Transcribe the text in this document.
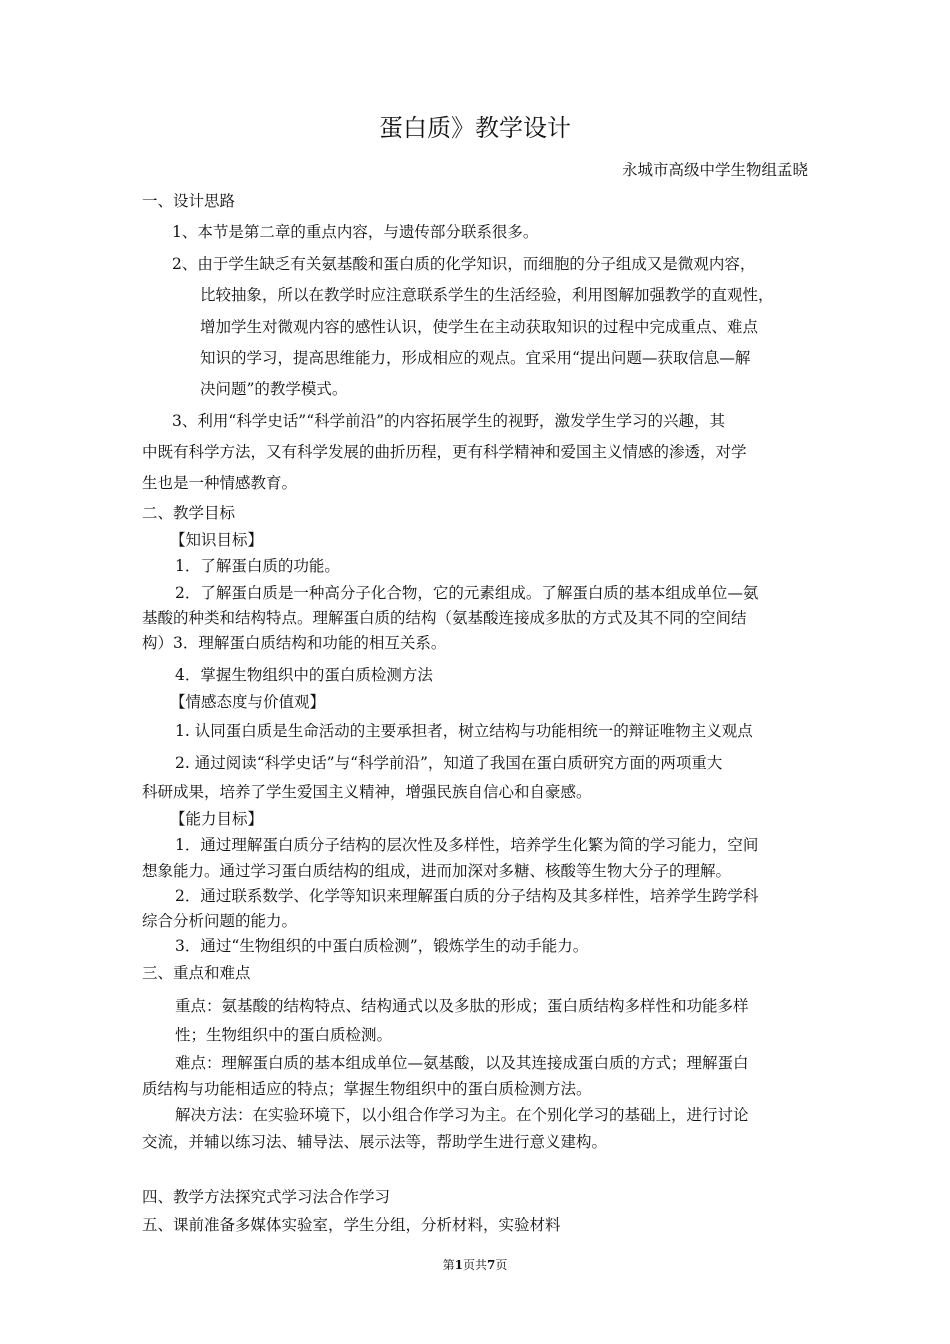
蛋白质》教学设计
永城市高级中学生物组孟晓
一、设计思路
1、本节是第二章的重点内容，与遗传部分联系很多。
2、由于学生缺乏有关氨基酸和蛋白质的化学知识，而细胞的分子组成又是微观内容，
比较抽象，所以在教学时应注意联系学生的生活经验，利用图解加强教学的直观性，
增加学生对微观内容的感性认识，使学生在主动获取知识的过程中完成重点、难点
知识的学习，提高思维能力，形成相应的观点。宜采用“提出问题—获取信息—解
决问题”的教学模式。
3、利用“科学史话”“科学前沿”的内容拓展学生的视野，激发学生学习的兴趣，其
中既有科学方法，又有科学发展的曲折历程，更有科学精神和爱国主义情感的渗透，对学
生也是一种情感教育。
二、教学目标
【知识目标】
1．了解蛋白质的功能。
2．了解蛋白质是一种高分子化合物，它的元素组成。了解蛋白质的基本组成单位—氨
基酸的种类和结构特点。理解蛋白质的结构（氨基酸连接成多肽的方式及其不同的空间结
构）3．理解蛋白质结构和功能的相互关系。
4．掌握生物组织中的蛋白质检测方法
【情感态度与价值观】
1. 认同蛋白质是生命活动的主要承担者，树立结构与功能相统一的辩证唯物主义观点
2. 通过阅读“科学史话”与“科学前沿”，知道了我国在蛋白质研究方面的两项重大
科研成果，培养了学生爱国主义精神，增强民族自信心和自豪感。
【能力目标】
1．通过理解蛋白质分子结构的层次性及多样性，培养学生化繁为简的学习能力，空间
想象能力。通过学习蛋白质结构的组成，进而加深对多糖、核酸等生物大分子的理解。
2．通过联系数学、化学等知识来理解蛋白质的分子结构及其多样性，培养学生跨学科
综合分析问题的能力。
3．通过“生物组织的中蛋白质检测”，锻炼学生的动手能力。
三、重点和难点
重点：氨基酸的结构特点、结构通式以及多肽的形成；蛋白质结构多样性和功能多样
性；生物组织中的蛋白质检测。
难点：理解蛋白质的基本组成单位—氨基酸，以及其连接成蛋白质的方式；理解蛋白
质结构与功能相适应的特点；掌握生物组织中的蛋白质检测方法。
解决方法：在实验环境下，以小组合作学习为主。在个别化学习的基础上，进行讨论
交流，并辅以练习法、辅导法、展示法等，帮助学生进行意义建构。
四、教学方法探究式学习法合作学习
五、课前准备多媒体实验室，学生分组，分析材料，实验材料
第1页共7页
